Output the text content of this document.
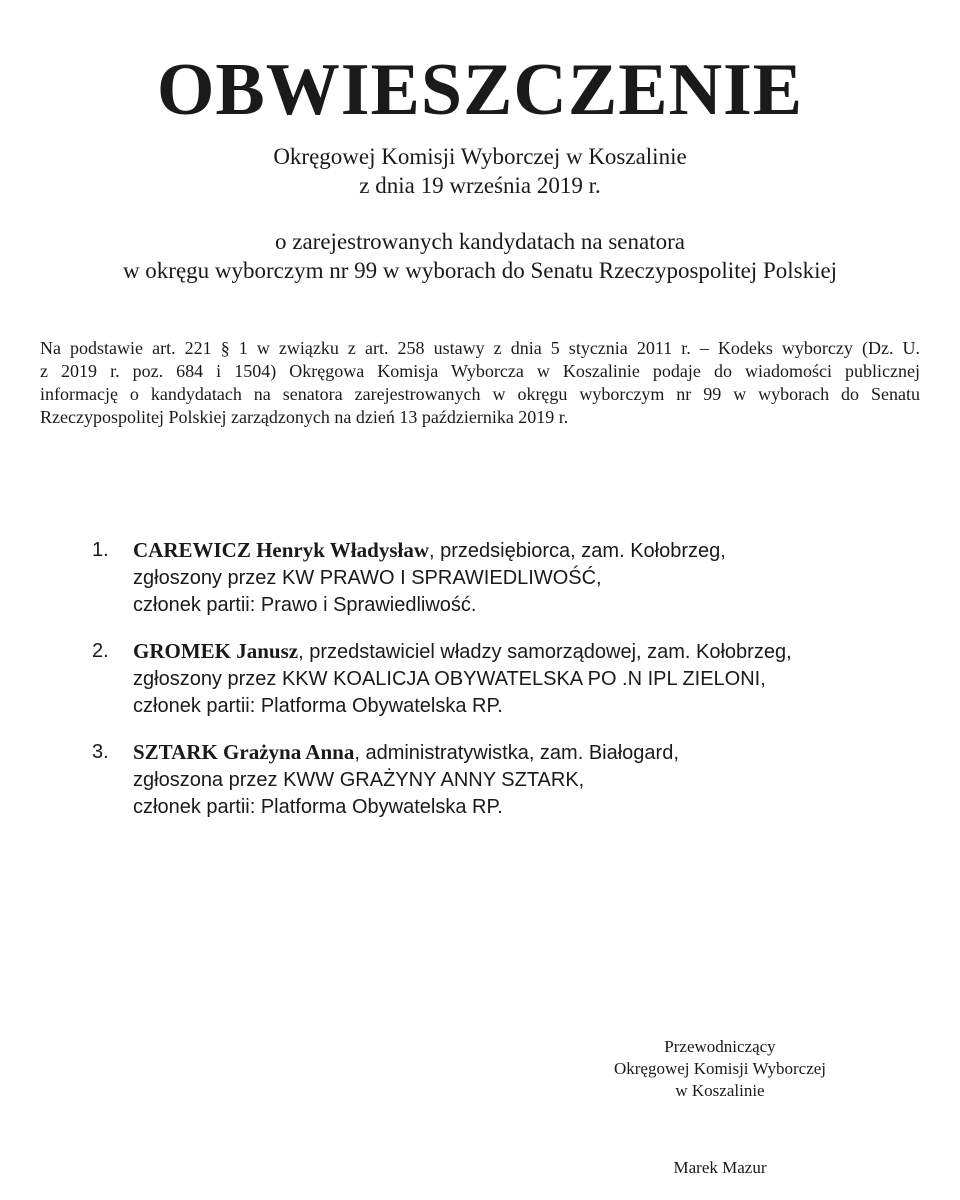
OBWIESZCZENIE
Okręgowej Komisji Wyborczej w Koszalinie
z dnia 19 września 2019 r.
o zarejestrowanych kandydatach na senatora
w okręgu wyborczym nr 99 w wyborach do Senatu Rzeczypospolitej Polskiej
Na podstawie art. 221 § 1 w związku z art. 258 ustawy z dnia 5 stycznia 2011 r. – Kodeks wyborczy (Dz. U.
z 2019 r. poz. 684 i 1504) Okręgowa Komisja Wyborcza w Koszalinie podaje do wiadomości publicznej
informację o kandydatach na senatora zarejestrowanych w okręgu wyborczym nr 99 w wyborach do Senatu
Rzeczypospolitej Polskiej zarządzonych na dzień 13 października 2019 r.
1. CAREWICZ Henryk Władysław, przedsiębiorca, zam. Kołobrzeg,
zgłoszony przez KW PRAWO I SPRAWIEDLIWOŚĆ,
członek partii: Prawo i Sprawiedliwość.
2. GROMEK Janusz, przedstawiciel władzy samorządowej, zam. Kołobrzeg,
zgłoszony przez KKW KOALICJA OBYWATELSKA PO .N IPL ZIELONI,
członek partii: Platforma Obywatelska RP.
3. SZTARK Grażyna Anna, administratywistka, zam. Białogard,
zgłoszona przez KWW GRAŻYNY ANNY SZTARK,
członek partii: Platforma Obywatelska RP.
Przewodniczący
Okręgowej Komisji Wyborczej
w Koszalinie
Marek Mazur
